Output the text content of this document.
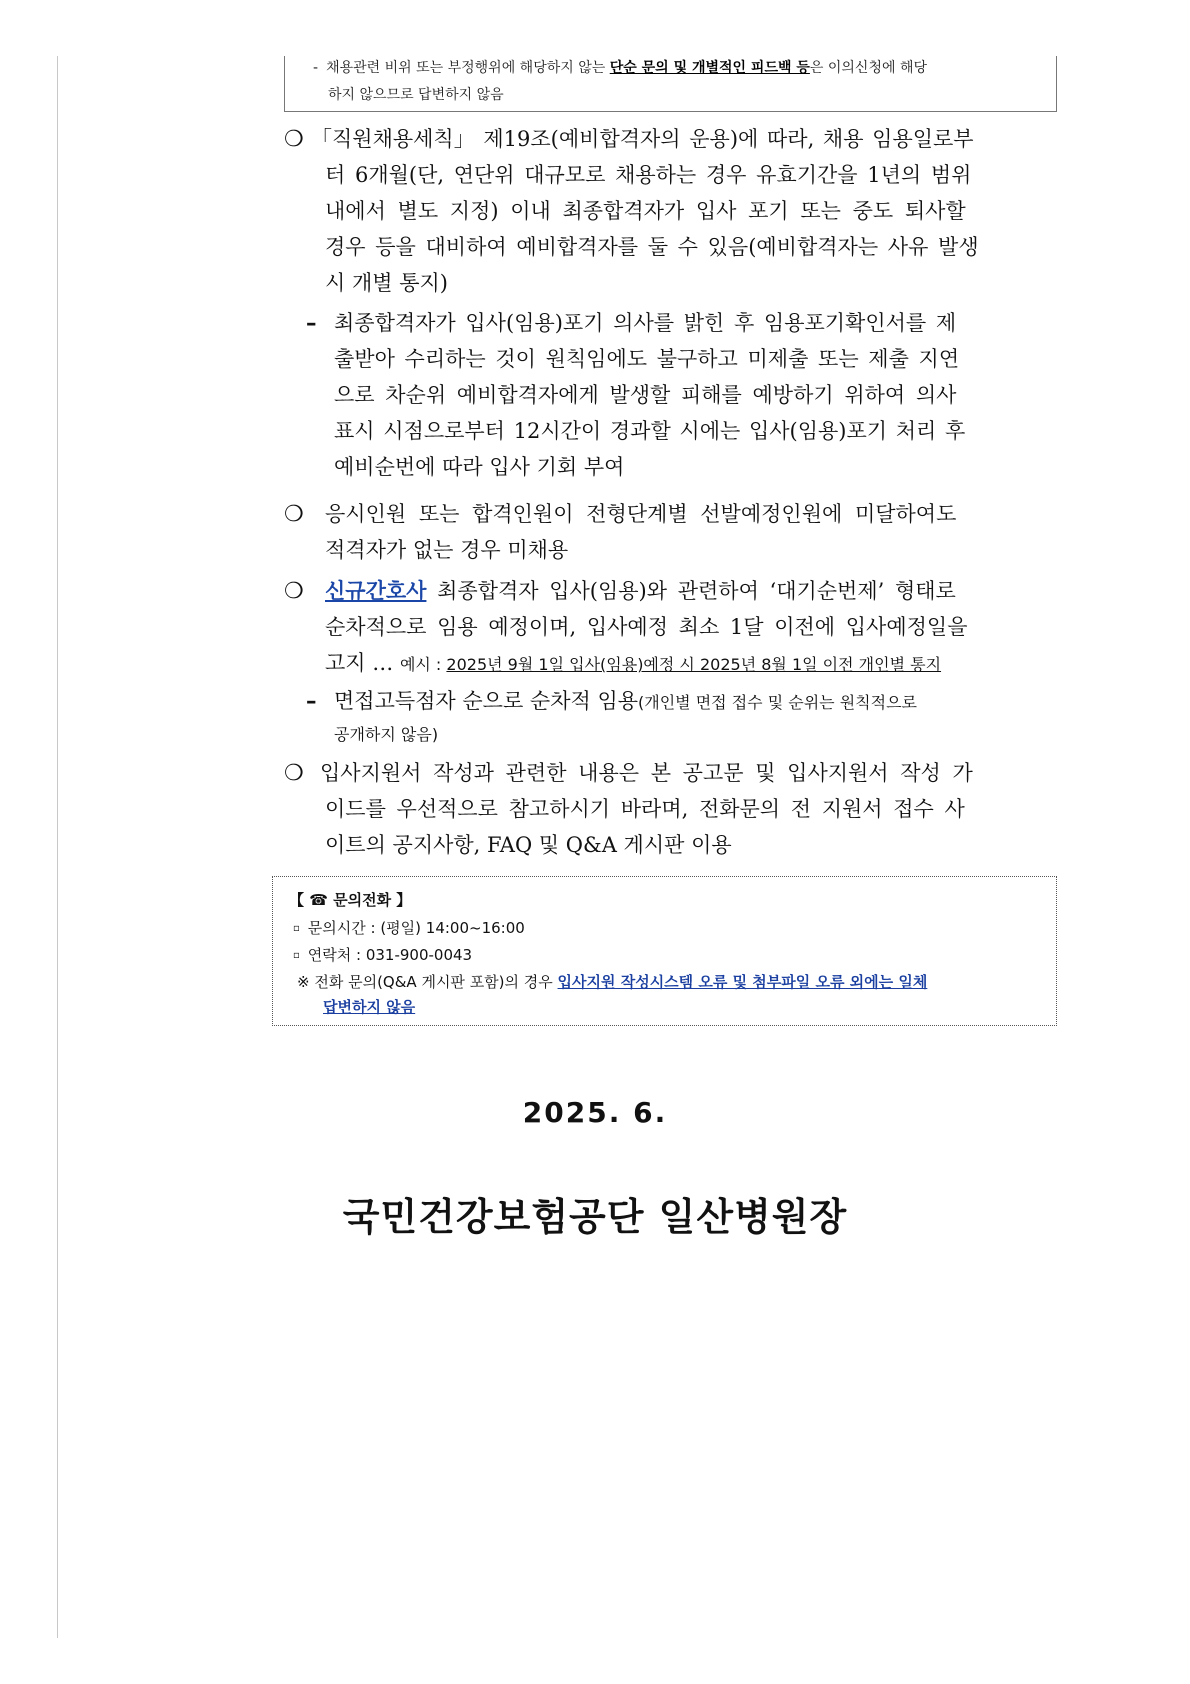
- 채용관련 비위 또는 부정행위에 해당하지 않는 단순 문의 및 개별적인 피드백 등은 이의신청에 해당
하지 않으므로 답변하지 않음
❍ 「직원채용세칙」 제19조(예비합격자의 운용)에 따라, 채용 임용일로부
터 6개월(단, 연단위 대규모로 채용하는 경우 유효기간을 1년의 범위
내에서 별도 지정) 이내 최종합격자가 입사 포기 또는 중도 퇴사할
경우 등을 대비하여 예비합격자를 둘 수 있음(예비합격자는 사유 발생
시 개별 통지)
– 최종합격자가 입사(임용)포기 의사를 밝힌 후 임용포기확인서를 제
출받아 수리하는 것이 원칙임에도 불구하고 미제출 또는 제출 지연
으로 차순위 예비합격자에게 발생할 피해를 예방하기 위하여 의사
표시 시점으로부터 12시간이 경과할 시에는 입사(임용)포기 처리 후
예비순번에 따라 입사 기회 부여
❍ 응시인원 또는 합격인원이 전형단계별 선발예정인원에 미달하여도
적격자가 없는 경우 미채용
❍ 신규간호사 최종합격자 입사(임용)와 관련하여 ‘대기순번제’ 형태로
순차적으로 임용 예정이며, 입사예정 최소 1달 이전에 입사예정일을
고지 … 예시 : 2025년 9월 1일 입사(임용)예정 시 2025년 8월 1일 이전 개인별 통지
– 면접고득점자 순으로 순차적 임용(개인별 면접 접수 및 순위는 원칙적으로
공개하지 않음)
❍ 입사지원서 작성과 관련한 내용은 본 공고문 및 입사지원서 작성 가
이드를 우선적으로 참고하시기 바라며, 전화문의 전 지원서 접수 사
이트의 공지사항, FAQ 및 Q&A 게시판 이용
【 ☎ 문의전화 】
▫ 문의시간 : (평일) 14:00~16:00
▫ 연락처 : 031-900-0043
※ 전화 문의(Q&A 게시판 포함)의 경우 입사지원 작성시스템 오류 및 첨부파일 오류 외에는 일체
답변하지 않음
2025. 6.
국민건강보험공단 일산병원장
